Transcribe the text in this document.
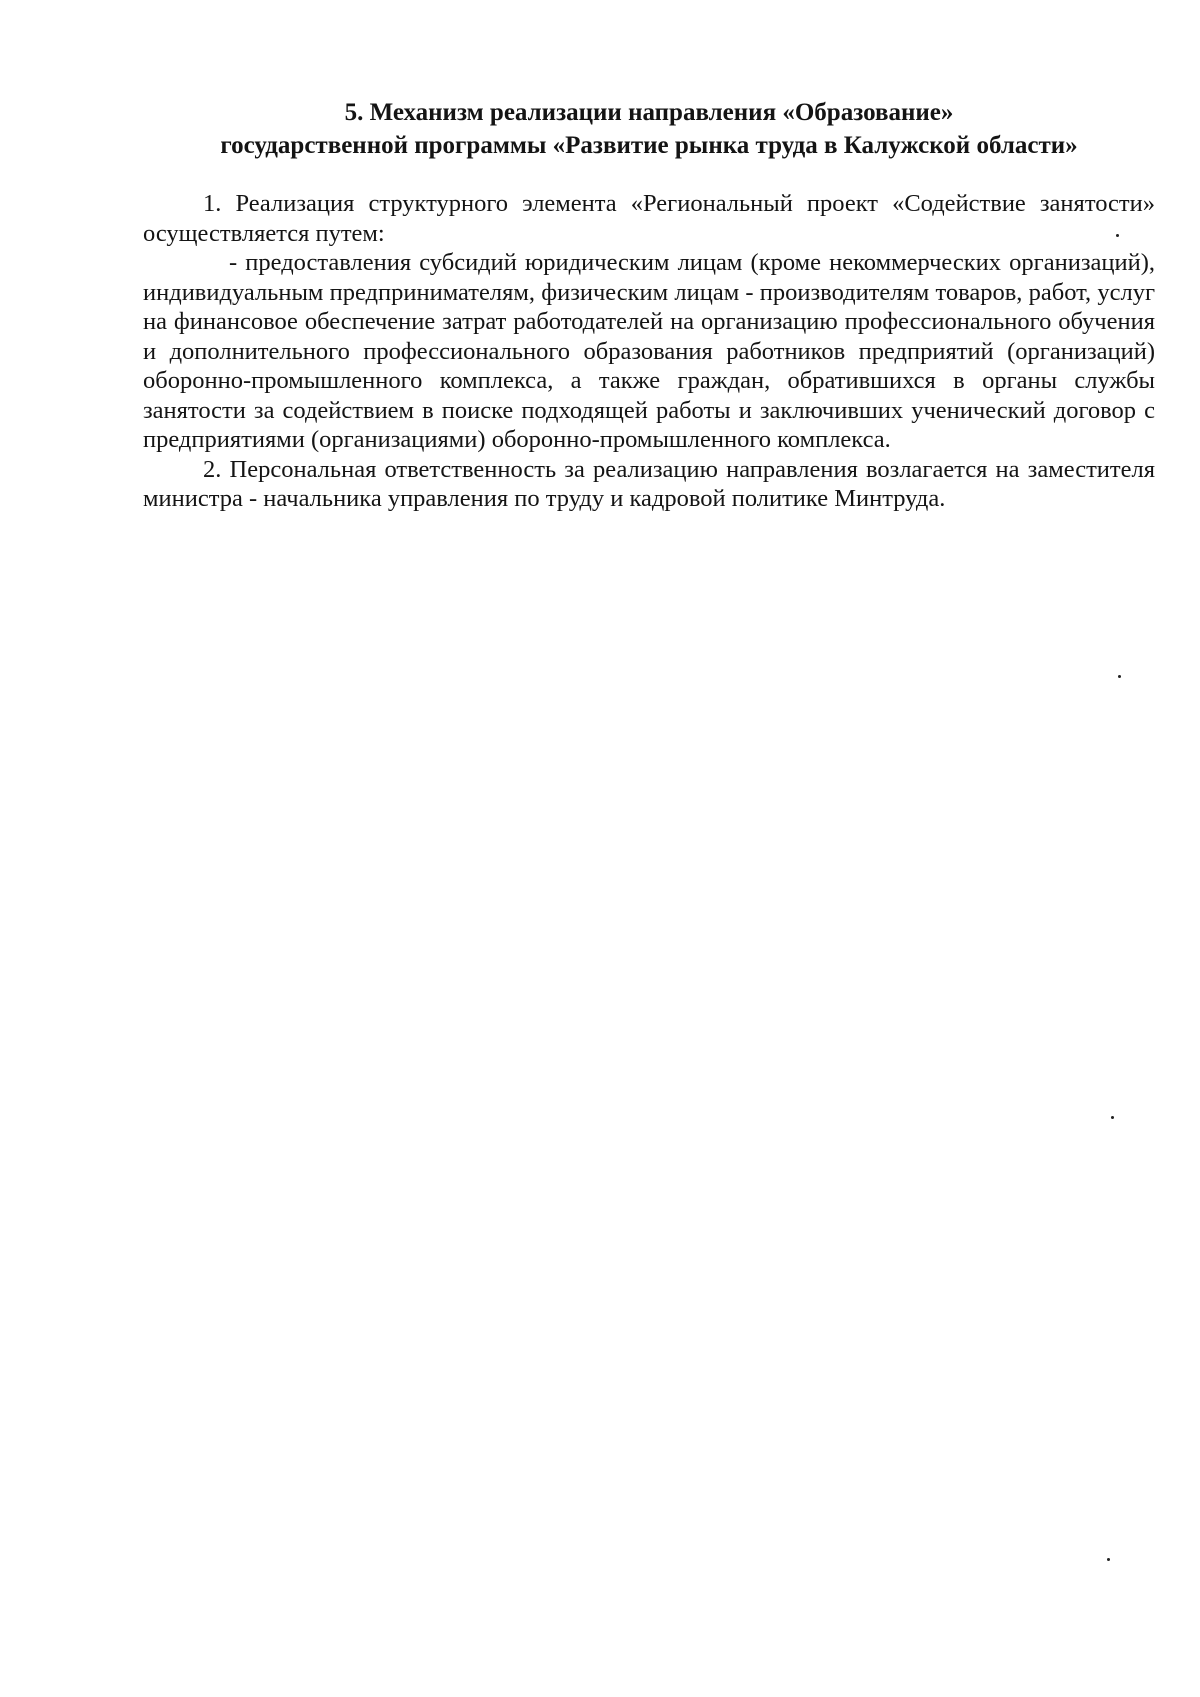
5. Механизм реализации направления «Образование»
государственной программы «Развитие рынка труда в Калужской области»

1. Реализация структурного элемента «Региональный проект «Содействие занятости» осуществляется путем:

- предоставления субсидий юридическим лицам (кроме некоммерческих организаций), индивидуальным предпринимателям, физическим лицам - производителям товаров, работ, услуг на финансовое обеспечение затрат работодателей на организацию профессионального обучения и дополнительного профессионального образования работников предприятий (организаций) оборонно-промышленного комплекса, а также граждан, обратившихся в органы службы занятости за содействием в поиске подходящей работы и заключивших ученический договор с предприятиями (организациями) оборонно-промышленного комплекса.

2. Персональная ответственность за реализацию направления возлагается на заместителя министра - начальника управления по труду и кадровой политике Минтруда.
